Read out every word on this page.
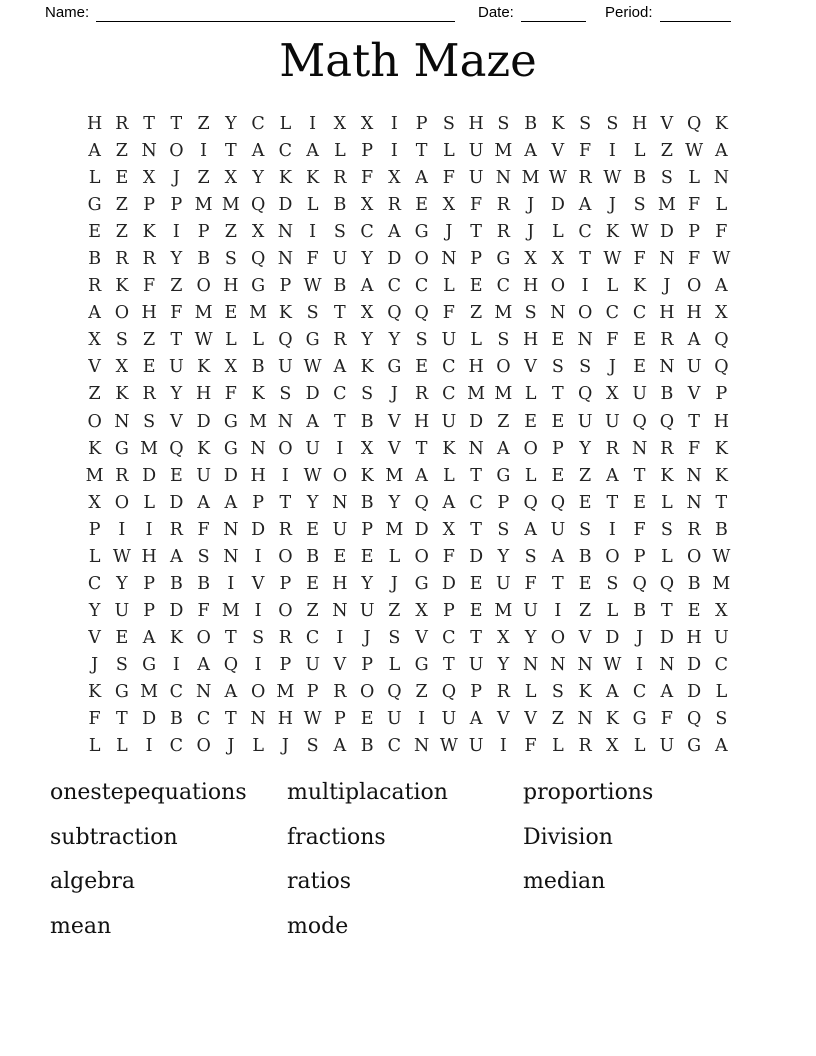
Name:	Date:	Period:
Math Maze
H R T T Z Y C L	I	X X	I	P S H S B K S S H V Q K
A Z N O I	T A C A L P	I	T L U M A V F	I	L Z W A
L E X	J	Z X Y K K R F X A F U N M W R W B S L N
G Z P P M M Q D L B X R E X F R J D A J	S M F L
E Z K I	P Z X N I	S C A G J	T R J	L C K W D P F
B R R Y B S Q N F U Y D O N P G X X T W F N F W
R K F Z O H G P W B A C C L E C H O I	L K J O A
A O H F M E M K S T X Q Q F Z M S N O C C H H X
X S Z T W L L Q G R Y Y S U L S H E N F E R A Q
V X E U K X B U W A K G E C H O V S S	J E N U Q
Z K R Y H F K S D C S	J R C M M L T Q X U B V P
O N S V D G M N A T B V H U D Z E E U U Q Q T H
K G M Q K G N O U I	X V T K N A O P Y R N R F K
M R D E U D H I W O K M A L T G L E Z A T K N K
X O L D A A P T Y N B Y Q A C P Q Q E T E L N T
P	I	I R F N D R E U P M D X T S A U S	I	F S R B
L W H A S N I O B E E L O F D Y S A B O P L O W
C Y P B B I V P E H Y	J G D E U F T E S Q Q B M
Y U P D F M I O Z N U Z X P E M U I	Z L B T E X
V E A K O T S R C I	J	S V C T X Y O V D J D H U
J	S G I A Q I	P U V P L G T U Y N N N W I N D C
K G M C N A O M P R O Q Z Q P R L S K A C A D L
F T D B C T N H W P E U I U A V V Z N K G F Q S
L L	I C O J	L	J	S A B C N W U I	F L R X L U G A
onestepequations	multiplacation	proportions
subtraction	fractions	Division
algebra	ratios	median
mean	mode
